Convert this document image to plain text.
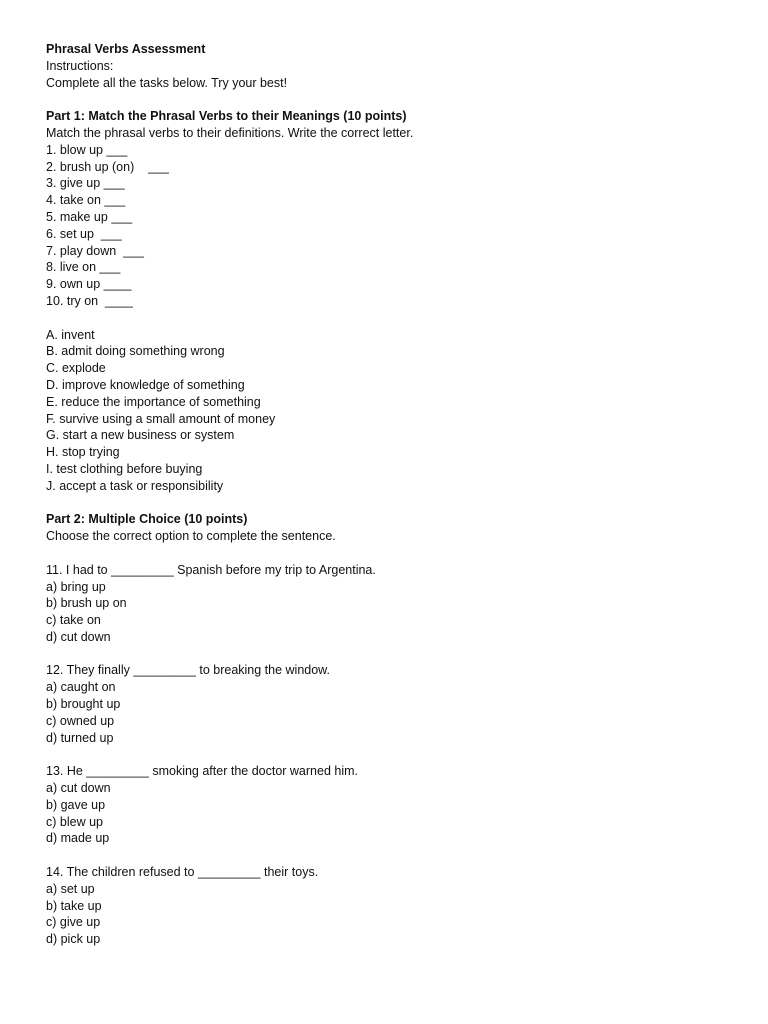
Phrasal Verbs Assessment
Instructions:
Complete all the tasks below. Try your best!
Part 1: Match the Phrasal Verbs to their Meanings (10 points)
Match the phrasal verbs to their definitions. Write the correct letter.
1. blow up ___
2. brush up (on)    ___
3. give up ___
4. take on ___
5. make up ___
6. set up  ___
7. play down  ___
8. live on ___
9. own up ____
10. try on  ____
A. invent
B. admit doing something wrong
C. explode
D. improve knowledge of something
E. reduce the importance of something
F. survive using a small amount of money
G. start a new business or system
H. stop trying
I. test clothing before buying
J. accept a task or responsibility
Part 2: Multiple Choice (10 points)
Choose the correct option to complete the sentence.
11. I had to _________ Spanish before my trip to Argentina.
a) bring up
b) brush up on
c) take on
d) cut down
12. They finally _________ to breaking the window.
a) caught on
b) brought up
c) owned up
d) turned up
13. He _________ smoking after the doctor warned him.
a) cut down
b) gave up
c) blew up
d) made up
14. The children refused to _________ their toys.
a) set up
b) take up
c) give up
d) pick up
